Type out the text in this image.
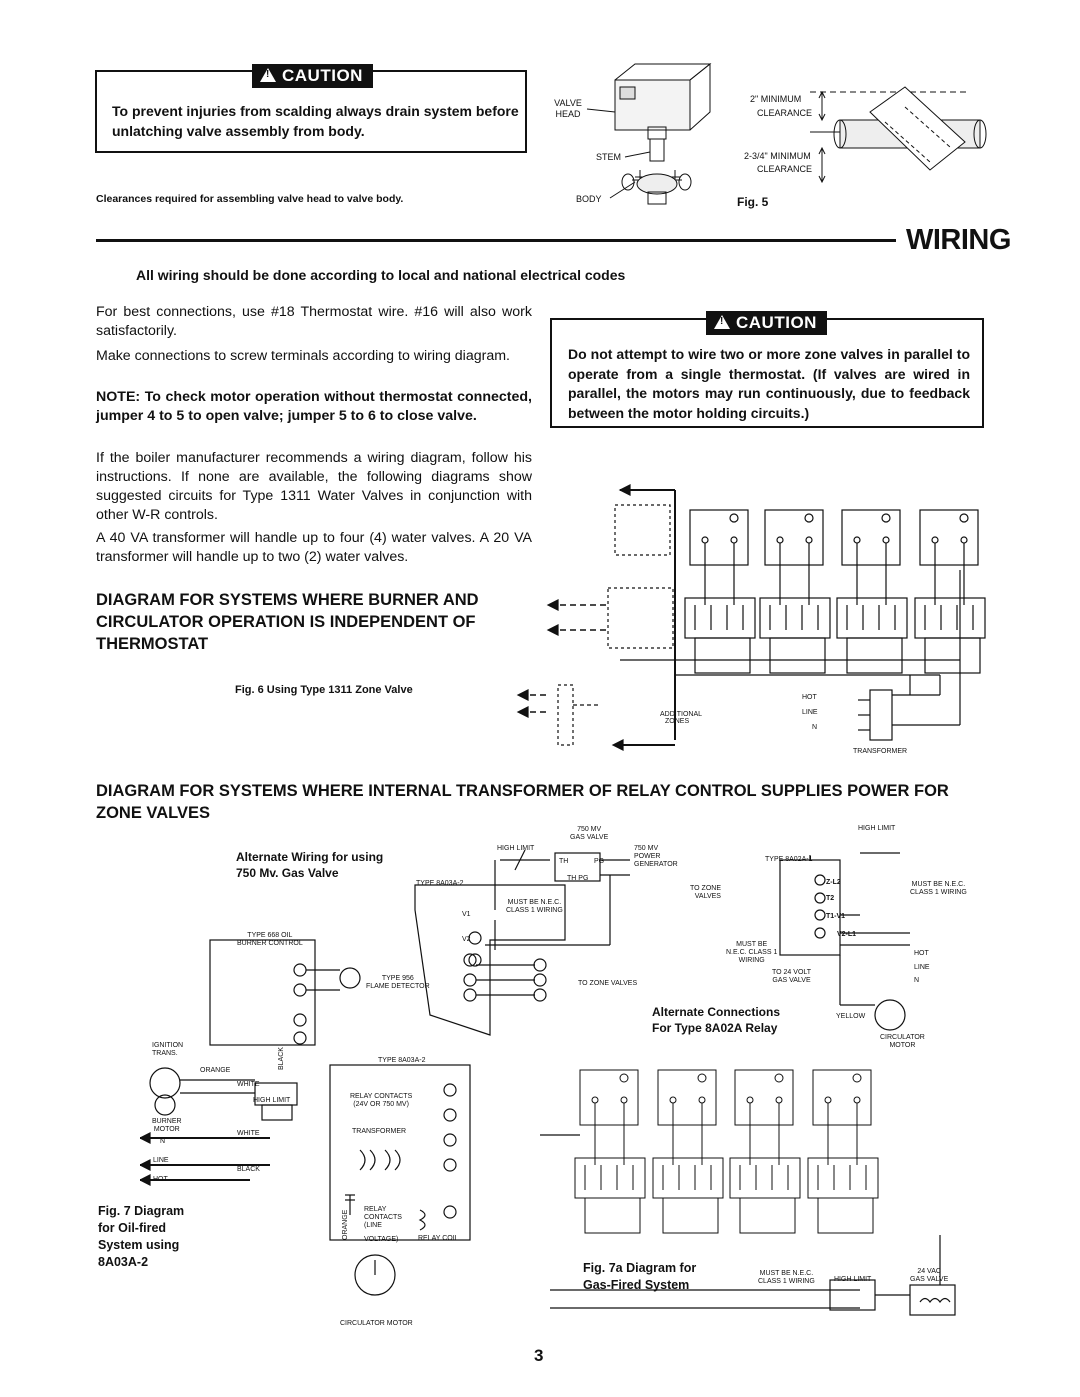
!CAUTION
To prevent injuries from scalding always drain system before unlatching valve assembly from body.
Clearances required for assembling valve head to valve body.
VALVE HEAD
STEM
BODY
2" MINIMUM
CLEARANCE
2-3/4" MINIMUM
CLEARANCE
Fig. 5
WIRING
All wiring should be done according to local and national electrical codes
For best connections, use #18 Thermostat wire. #16 will also work satisfactorily.
Make connections to screw terminals according to wiring diagram.
NOTE: To check motor operation without thermostat connected, jumper 4 to 5 to open valve; jumper 5 to 6 to close valve.
If the boiler manufacturer recommends a wiring diagram, follow his instructions. If none are available, the following diagrams show suggested circuits for Type 1311 Water Valves in conjunction with other W-R controls.
A 40 VA transformer will handle up to four (4) water valves. A 20 VA transformer will handle up to two (2) water valves.
!CAUTION
Do not attempt to wire two or more zone valves in parallel to operate from a single thermostat. (If valves are wired in parallel, the motors may run continuously, due to feedback between the motor holding circuits.)
DIAGRAM FOR SYSTEMS WHERE BURNER AND CIRCULATOR OPERATION IS INDEPENDENT OF THERMOSTAT
Fig. 6 Using Type 1311 Zone Valve
HOT
LINE
N
TRANSFORMER
ADDITIONAL
ZONES
DIAGRAM FOR SYSTEMS WHERE INTERNAL TRANSFORMER OF RELAY CONTROL SUPPLIES POWER FOR ZONE VALVES
Alternate Wiring for using
750 Mv. Gas Valve
HIGH LIMIT
750 MV
GAS VALVE
750 MV
POWER
GENERATOR
TH	PG
TH PG
TYPE 8A03A-2
MUST BE N.E.C.
CLASS 1 WIRING
V1
V2
TYPE 668 OIL
BURNER CONTROL
TYPE 956
FLAME DETECTOR	TO ZONE VALVES
IGNITION
TRANS.
ORANGE
WHITE
BLACK	TYPE 8A03A-2
HIGH LIMIT
RELAY CONTACTS
(24V OR 750 MV)
BURNER
MOTOR
WHITE	TRANSFORMER
N
LINE
BLACK
HOT
RELAY
CONTACTS
(LINE
VOLTAGE)
ORANGE	RELAY COIL
CIRCULATOR MOTOR
HIGH LIMIT
TYPE 8A02A-1
TO ZONE
VALVES
Z-L2
T2
T1-V1
V2-L1
MUST BE N.E.C.
CLASS 1 WIRING
MUST BE
N.E.C. CLASS 1
WIRING
HOT
LINE
TO 24 VOLT
GAS VALVE	N
Alternate Connections
For Type 8A02A Relay
YELLOW
CIRCULATOR
MOTOR
MUST BE N.E.C.
CLASS 1 WIRING	HIGH LIMIT
24 VAC
GAS VALVE
Fig. 7 Diagram for Oil-fired System using 8A03A-2	Fig. 7a Diagram for Gas-Fired System
3
